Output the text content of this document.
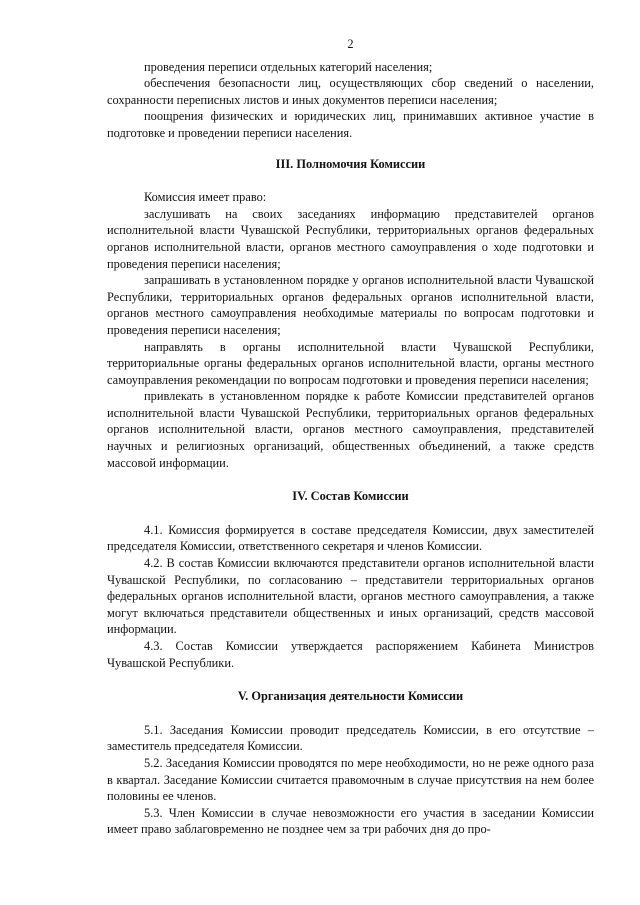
2

проведения переписи отдельных категорий населения;

обеспечения безопасности лиц, осуществляющих сбор сведений о населении, сохранности переписных листов и иных документов переписи населения;

поощрения физических и юридических лиц, принимавших активное участие в подготовке и проведении переписи населения.

III. Полномочия Комиссии

Комиссия имеет право:

заслушивать на своих заседаниях информацию представителей органов исполнительной власти Чувашской Республики, территориальных органов федеральных органов исполнительной власти, органов местного самоуправления о ходе подготовки и проведения переписи населения;

запрашивать в установленном порядке у органов исполнительной власти Чувашской Республики, территориальных органов федеральных органов исполнительной власти, органов местного самоуправления необходимые материалы по вопросам подготовки и проведения переписи населения;

направлять в органы исполнительной власти Чувашской Республики, территориальные органы федеральных органов исполнительной власти, органы местного самоуправления рекомендации по вопросам подготовки и проведения переписи населения;

привлекать в установленном порядке к работе Комиссии представителей органов исполнительной власти Чувашской Республики, территориальных органов федеральных органов исполнительной власти, органов местного самоуправления, представителей научных и религиозных организаций, общественных объединений, а также средств массовой информации.

IV. Состав Комиссии

4.1. Комиссия формируется в составе председателя Комиссии, двух заместителей председателя Комиссии, ответственного секретаря и членов Комиссии.

4.2. В состав Комиссии включаются представители органов исполнительной власти Чувашской Республики, по согласованию – представители территориальных органов федеральных органов исполнительной власти, органов местного самоуправления, а также могут включаться представители общественных и иных организаций, средств массовой информации.

4.3. Состав Комиссии утверждается распоряжением Кабинета Министров Чувашской Республики.

V. Организация деятельности Комиссии

5.1. Заседания Комиссии проводит председатель Комиссии, в его отсутствие – заместитель председателя Комиссии.

5.2. Заседания Комиссии проводятся по мере необходимости, но не реже одного раза в квартал. Заседание Комиссии считается правомочным в случае присутствия на нем более половины ее членов.

5.3. Член Комиссии в случае невозможности его участия в заседании Комиссии имеет право заблаговременно не позднее чем за три рабочих дня до про-
